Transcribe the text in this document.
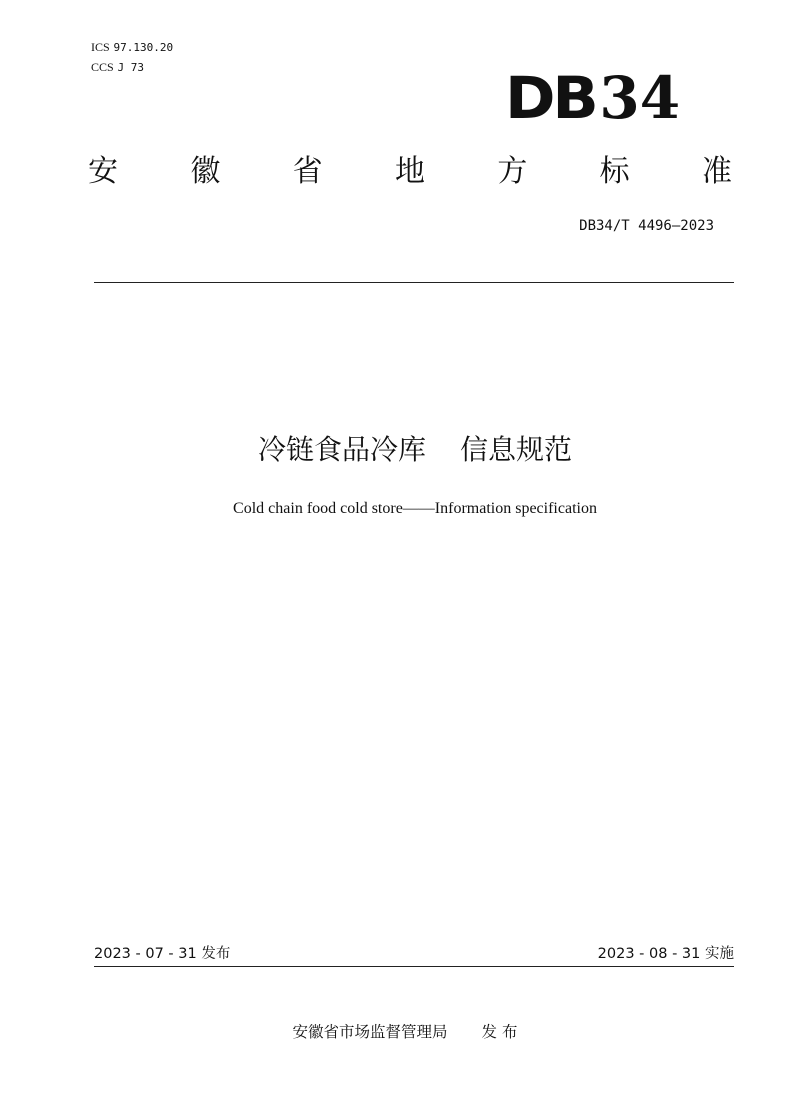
ICS 97.130.20
CCS J 73	DB34
安 徽 省 地 方 标 准
DB34/T 4496—2023
冷链食品冷库 信息规范
Cold chain food cold store——Information specification
2023 - 07 - 31 发布	2023 - 08 - 31 实施
安徽省市场监督管理局 发 布
